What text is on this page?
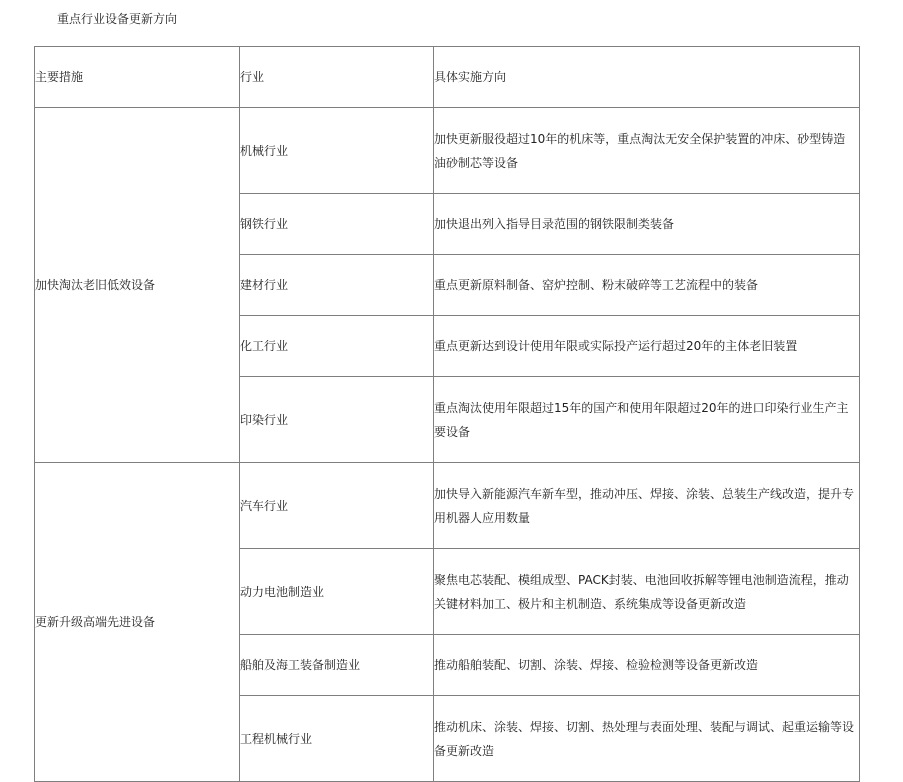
重点行业设备更新方向
主要措施	行业	具体实施方向

加快淘汰老旧低效设备	机械行业	加快更新服役超过10年的机床等，重点淘汰无安全保护装置的冲床、砂型铸造油砂制芯等设备

	钢铁行业	加快退出列入指导目录范围的钢铁限制类装备

	建材行业	重点更新原料制备、窑炉控制、粉末破碎等工艺流程中的装备

	化工行业	重点更新达到设计使用年限或实际投产运行超过20年的主体老旧装置

	印染行业	重点淘汰使用年限超过15年的国产和使用年限超过20年的进口印染行业生产主要设备

更新升级高端先进设备	汽车行业	加快导入新能源汽车新车型，推动冲压、焊接、涂装、总装生产线改造，提升专用机器人应用数量

	动力电池制造业	聚焦电芯装配、模组成型、PACK封装、电池回收拆解等锂电池制造流程，推动关键材料加工、极片和主机制造、系统集成等设备更新改造

	船舶及海工装备制造业	推动船舶装配、切割、涂装、焊接、检验检测等设备更新改造

	工程机械行业	推动机床、涂装、焊接、切割、热处理与表面处理、装配与调试、起重运输等设备更新改造
